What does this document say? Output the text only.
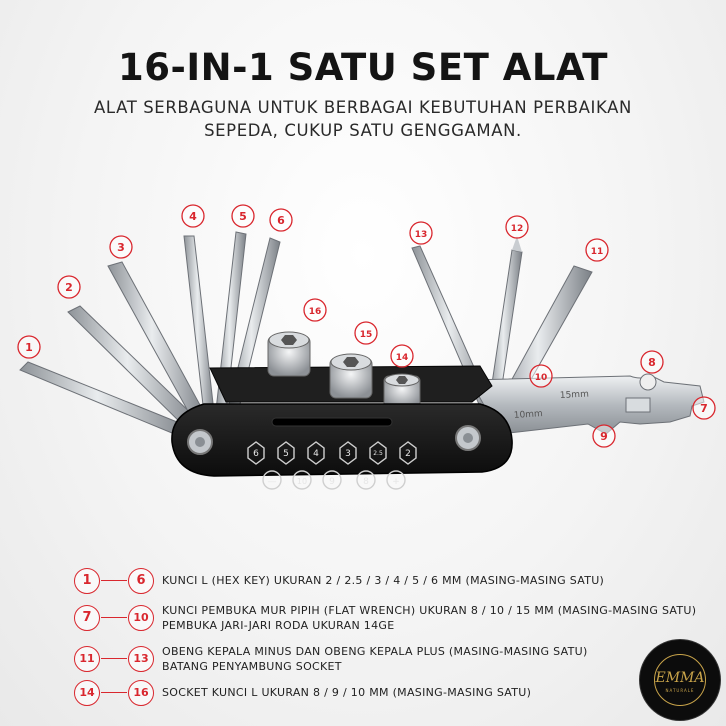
16-IN-1 SATU SET ALAT
ALAT SERBAGUNA UNTUK BERBAGAI KEBUTUHAN PERBAIKAN SEPEDA, CUKUP SATU GENGGAMAN.
15mm
10mm
6	5	4	3	2.5 2
—	10 9	8	+
1
2
3
4	5	6
7
8
9
10
11
12
13
14
15
16
1	6	KUNCI L (HEX KEY) UKURAN 2 / 2.5 / 3 / 4 / 5 / 6 MM (MASING-MASING SATU)
7	10
KUNCI PEMBUKA MUR PIPIH (FLAT WRENCH) UKURAN 8 / 10 / 15 MM (MASING-MASING SATU)
PEMBUKA JARI-JARI RODA UKURAN 14GE
11	13
OBENG KEPALA MINUS DAN OBENG KEPALA PLUS (MASING-MASING SATU)
BATANG PENYAMBUNG SOCKET
14	16	SOCKET KUNCI L UKURAN 8 / 9 / 10 MM (MASING-MASING SATU)
EMMA
NATURALE
